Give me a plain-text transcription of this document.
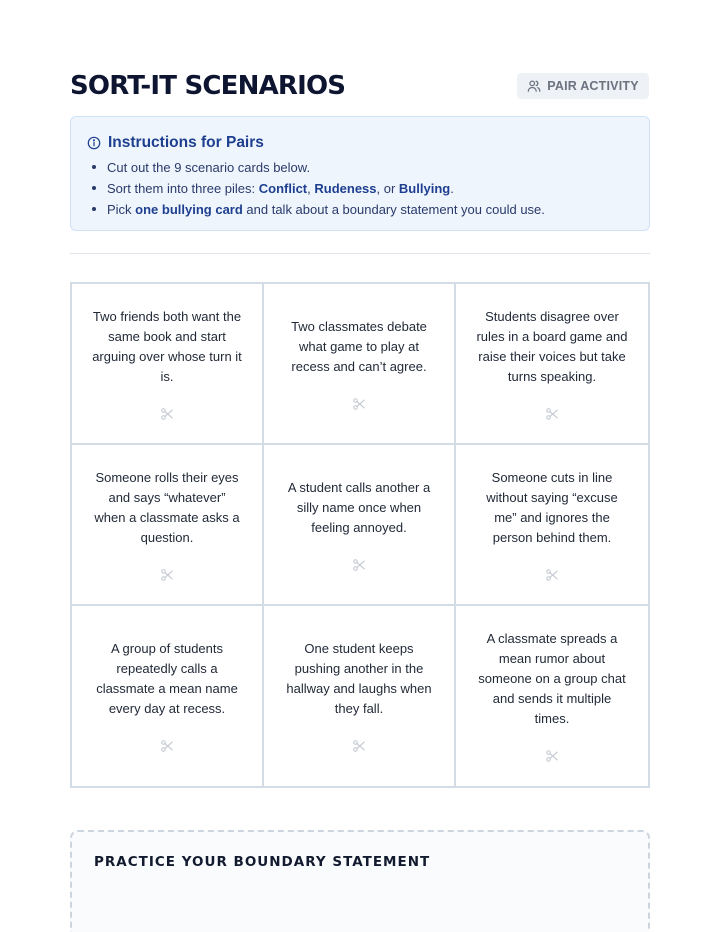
SORT-IT SCENARIOS	PAIR ACTIVITY
Instructions for Pairs
Cut out the 9 scenario cards below.
Sort them into three piles: Conflict, Rudeness, or Bullying.
Pick one bullying card and talk about a boundary statement you could use.

Two friends both want the same book and start arguing over whose turn it is.

Two classmates debate what game to play at recess and can’t agree.

Students disagree over rules in a board game and raise their voices but take turns speaking.

Someone rolls their eyes and says “whatever” when a classmate asks a question.

A student calls another a silly name once when feeling annoyed.

Someone cuts in line without saying “excuse me” and ignores the person behind them.

A group of students repeatedly calls a classmate a mean name every day at recess.

One student keeps pushing another in the hallway and laughs when they fall.

A classmate spreads a mean rumor about someone on a group chat and sends it multiple times.

PRACTICE YOUR BOUNDARY STATEMENT
